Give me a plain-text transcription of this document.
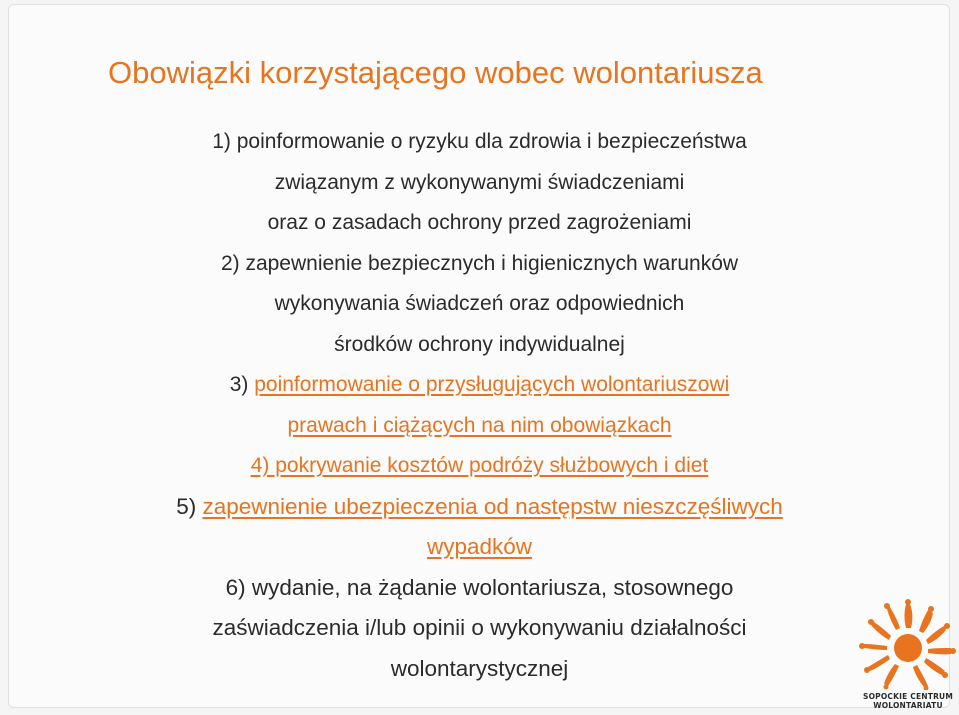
Obowiązki korzystającego wobec wolontariusza
1) poinformowanie o ryzyku dla zdrowia i bezpieczeństwa
związanym z wykonywanymi świadczeniami
oraz o zasadach ochrony przed zagrożeniami
2) zapewnienie bezpiecznych i higienicznych warunków
wykonywania świadczeń oraz odpowiednich
środków ochrony indywidualnej
3) poinformowanie o przysługujących wolontariuszowi
prawach i ciążących na nim obowiązkach
4) pokrywanie kosztów podróży służbowych i diet
5) zapewnienie ubezpieczenia od następstw nieszczęśliwych
wypadków
6) wydanie, na żądanie wolontariusza, stosownego
zaświadczenia i/lub opinii o wykonywaniu działalności
wolontarystycznej
SOPOCKIE CENTRUM
WOLONTARIATU
